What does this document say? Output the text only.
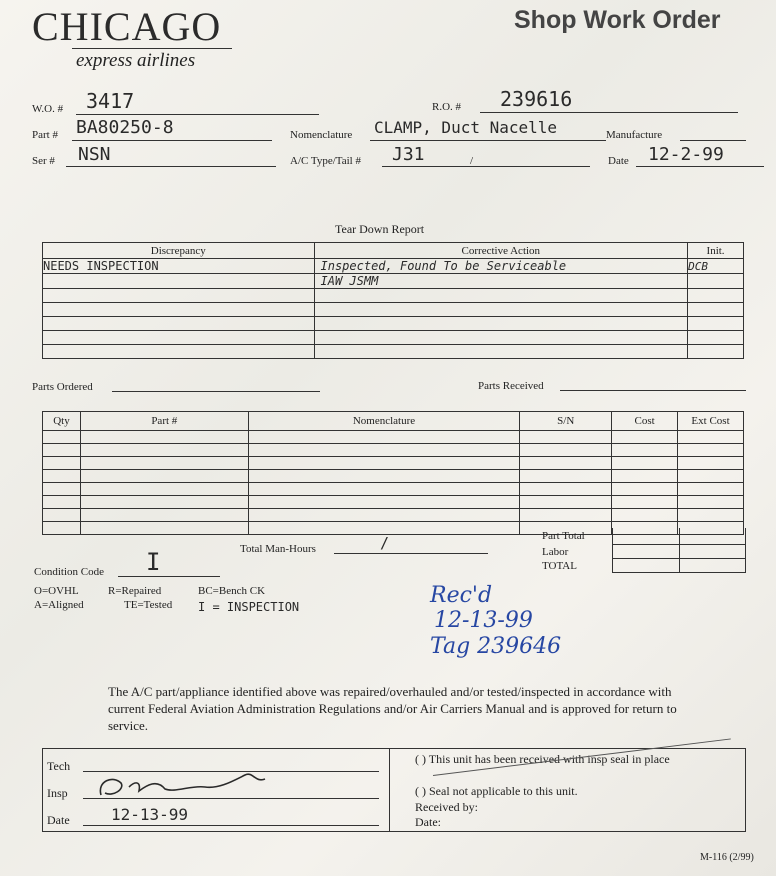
CHICAGO
express airlines
Shop Work Order
W.O. # 3417	R.O. # 239616
Part # BA80250-8	Nomenclature CLAMP, Duct Nacelle	Manufacture
Ser # NSN	A/C Type/Tail # J31	/	Date 12-2-99
Tear Down Report
Discrepancy	Corrective Action	Init.
NEEDS INSPECTION	Inspected, Found To be Serviceable	DCB
	IAW JSMM	

Parts Ordered	Parts Received
Qty	Part #	Nomenclature	S/N	Cost	Ext Cost

Part Total
Labor
TOTAL
Total Man-Hours	/
Condition Code I
O=OVHL	R=Repaired	BC=Bench CK
A=Aligned	TE=Tested I = INSPECTION	Rec'd
12-13-99
Tag 239646
The A/C part/appliance identified above was repaired/overhauled and/or tested/inspected in accordance with current Federal Aviation Administration Regulations and/or Air Carriers Manual and is approved for return to service.
Tech
Insp
Date	12-13-99
( ) This unit has been received with insp seal in place
( ) Seal not applicable to this unit.
Received by:
Date:
M-116 (2/99)
